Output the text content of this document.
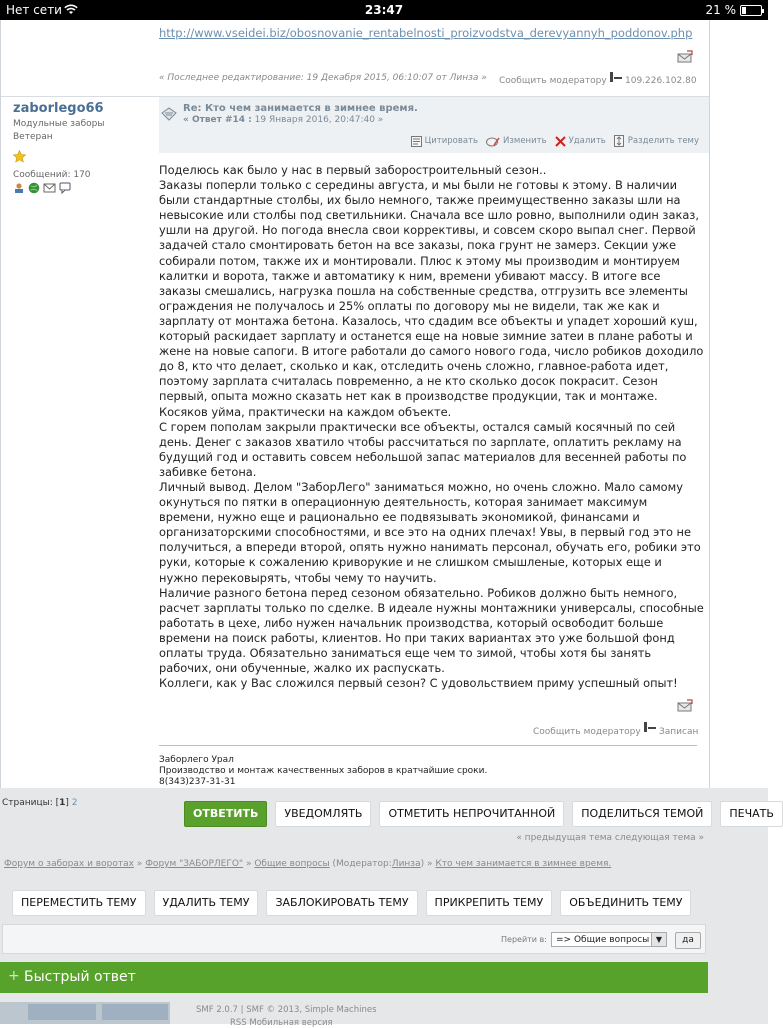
Нет сети	23:47	21 %
http://www.vseidei.biz/obosnovanie_rentabelnosti_proizvodstva_derevyannyh_poddonov.php
« Последнее редактирование: 19 Декабря 2015, 06:10:07 от Линза » Сообщить модератору 109.226.102.80
zaborlego66
Модульные заборы
Ветеран
Сообщений: 170
Re: Кто чем занимается в зимнее время.
« Ответ #14 : 19 Января 2016, 20:47:40 »
Цитировать	Изменить	Удалить	Разделить тему
Поделюсь как было у нас в первый заборостроительный сезон..
Заказы поперли только с середины августа, и мы были не готовы к этому. В наличии были стандартные столбы, их было немного, также преимущественно заказы шли на невысокие или столбы под светильники. Сначала все шло ровно, выполнили один заказ, ушли на другой. Но погода внесла свои коррективы, и совсем скоро выпал снег. Первой задачей стало смонтировать бетон на все заказы, пока грунт не замерз. Секции уже собирали потом, также их и монтировали. Плюс к этому мы производим и монтируем калитки и ворота, также и автоматику к ним, времени убивают массу. В итоге все заказы смешались, нагрузка пошла на собственные средства, отгрузить все элементы ограждения не получалось и 25% оплаты по договору мы не видели, так же как и зарплату от монтажа бетона. Казалось, что сдадим все объекты и упадет хороший куш, который раскидает зарплату и останется еще на новые зимние затеи в плане работы и жене на новые сапоги. В итоге работали до самого нового года, число робиков доходило до 8, кто что делает, сколько и как, отследить очень сложно, главное-работа идет, поэтому зарплата считалась повременно, а не кто сколько досок покрасит. Сезон первый, опыта можно сказать нет как в производстве продукции, так и монтаже. Косяков уйма, практически на каждом объекте.
С горем пополам закрыли практически все объекты, остался самый косячный по сей день. Денег с заказов хватило чтобы рассчитаться по зарплате, оплатить рекламу на будущий год и оставить совсем небольшой запас материалов для весенней работы по забивке бетона.
Личный вывод. Делом "ЗаборЛего" заниматься можно, но очень сложно. Мало самому окунуться по пятки в операционную деятельность, которая занимает максимум времени, нужно еще и рационально ее подвязывать экономикой, финансами и организаторскими способностями, и все это на одних плечах! Увы, в первый год это не получиться, а впереди второй, опять нужно нанимать персонал, обучать его, робики это руки, которые к сожалению криворукие и не слишком смышленые, которых еще и нужно перековырять, чтобы чему то научить.
Наличие разного бетона перед сезоном обязательно. Робиков должно быть немного, расчет зарплаты только по сделке. В идеале нужны монтажники универсалы, способные работать в цехе, либо нужен начальник производства, который освободит больше времени на поиск работы, клиентов. Но при таких вариантах это уже большой фонд оплаты труда. Обязательно заниматься еще чем то зимой, чтобы хотя бы занять рабочих, они обученные, жалко их распускать.
Коллеги, как у Вас сложился первый сезон? С удовольствием приму успешный опыт!
Сообщить модератору Записан
Заборлего Урал
Производство и монтаж качественных заборов в кратчайшие сроки.
8(343)237-31-31
Страницы: [1] 2
ОТВЕТИТЬ	УВЕДОМЛЯТЬ	ОТМЕТИТЬ НЕПРОЧИТАННОЙ	ПОДЕЛИТЬСЯ ТЕМОЙ	ПЕЧАТЬ
« предыдущая тема следующая тема »
Форум о заборах и воротах » Форум "ЗАБОРЛЕГО" » Общие вопросы (Модератор:Линза) » Кто чем занимается в зимнее время.
ПЕРЕМЕСТИТЬ ТЕМУ	УДАЛИТЬ ТЕМУ	ЗАБЛОКИРОВАТЬ ТЕМУ	ПРИКРЕПИТЬ ТЕМУ	ОБЪЕДИНИТЬ ТЕМУ
Перейти в:	=> Общие вопросы ▼	да
+ Быстрый ответ
SMF 2.0.7 | SMF © 2013, Simple Machines
RSS Мобильная версия
